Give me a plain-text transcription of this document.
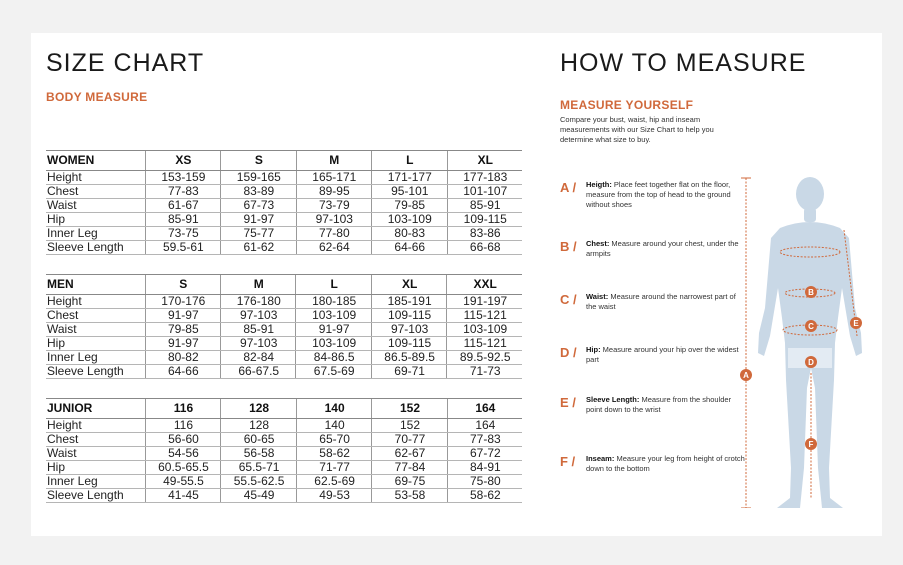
SIZE CHART
BODY MEASURE
WOMEN	XS	S	M	L	XL
Height	153-159	159-165	165-171	171-177	177-183
Chest	77-83	83-89	89-95	95-101	101-107
Waist	61-67	67-73	73-79	79-85	85-91
Hip	85-91	91-97	97-103	103-109	109-115
Inner Leg	73-75	75-77	77-80	80-83	83-86
Sleeve Length	59.5-61	61-62	62-64	64-66	66-68
MEN	S	M	L	XL	XXL
Height	170-176	176-180	180-185	185-191	191-197
Chest	91-97	97-103	103-109	109-115	115-121
Waist	79-85	85-91	91-97	97-103	103-109
Hip	91-97	97-103	103-109	109-115	115-121
Inner Leg	80-82	82-84	84-86.5	86.5-89.5	89.5-92.5
Sleeve Length	64-66	66-67.5	67.5-69	69-71	71-73
JUNIOR	116	128	140	152	164
Height	116	128	140	152	164
Chest	56-60	60-65	65-70	70-77	77-83
Waist	54-56	56-58	58-62	62-67	67-72
Hip	60.5-65.5	65.5-71	71-77	77-84	84-91
Inner Leg	49-55.5	55.5-62.5	62.5-69	69-75	75-80
Sleeve Length	41-45	45-49	49-53	53-58	58-62
HOW TO MEASURE
MEASURE YOURSELF
Compare your bust, waist, hip and inseam measurements with our Size Chart to help you determine what size to buy.
A / Heigth: Place feet together flat on the floor, measure from the top of head to the ground without shoes
B / Chest: Measure around your chest, under the armpits
C / Waist: Measure around the narrowest part of the waist
D / Hip: Measure around your hip over the widest part
E / Sleeve Length: Measure from the shoulder point down to the wrist
F / Inseam: Measure your leg from height of crotch down to the bottom
A
B
C
D
E
F
